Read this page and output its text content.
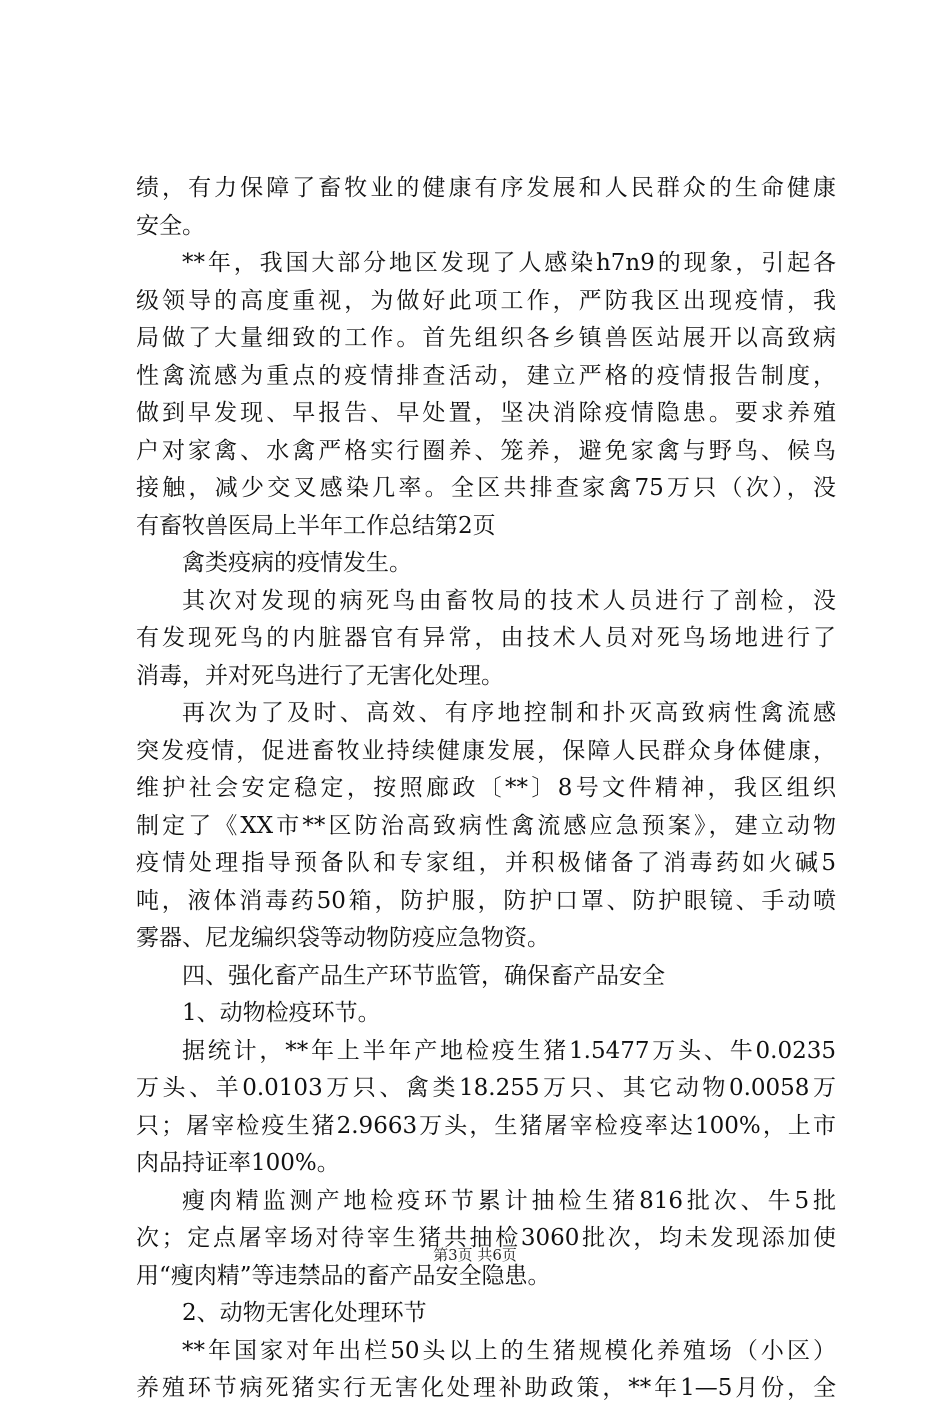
绩，有力保障了畜牧业的健康有序发展和人民群众的生命健康
安全。
**年，我国大部分地区发现了人感染h7n9的现象，引起各
级领导的高度重视，为做好此项工作，严防我区出现疫情，我
局做了大量细致的工作。首先组织各乡镇兽医站展开以高致病
性禽流感为重点的疫情排查活动，建立严格的疫情报告制度，
做到早发现、早报告、早处置，坚决消除疫情隐患。要求养殖
户对家禽、水禽严格实行圈养、笼养，避免家禽与野鸟、候鸟
接触，减少交叉感染几率。全区共排查家禽75万只（次），没
有畜牧兽医局上半年工作总结第2页
禽类疫病的疫情发生。
其次对发现的病死鸟由畜牧局的技术人员进行了剖检，没
有发现死鸟的内脏器官有异常，由技术人员对死鸟场地进行了
消毒，并对死鸟进行了无害化处理。
再次为了及时、高效、有序地控制和扑灭高致病性禽流感
突发疫情，促进畜牧业持续健康发展，保障人民群众身体健康，
维护社会安定稳定，按照廊政〔**〕8号文件精神，我区组织
制定了《XX市**区防治高致病性禽流感应急预案》，建立动物
疫情处理指导预备队和专家组，并积极储备了消毒药如火碱5
吨，液体消毒药50箱，防护服，防护口罩、防护眼镜、手动喷
雾器、尼龙编织袋等动物防疫应急物资。
四、强化畜产品生产环节监管，确保畜产品安全
1、动物检疫环节。
据统计，**年上半年产地检疫生猪1.5477万头、牛0.0235
万头、羊0.0103万只、禽类18.255万只、其它动物0.0058万
只；屠宰检疫生猪2.9663万头，生猪屠宰检疫率达100%，上市
肉品持证率100%。
瘦肉精监测产地检疫环节累计抽检生猪816批次、牛5批
次；定点屠宰场对待宰生猪共抽检3060批次，均未发现添加使
用“瘦肉精”等违禁品的畜产品安全隐患。
2、动物无害化处理环节
**年国家对年出栏50头以上的生猪规模化养殖场（小区）
养殖环节病死猪实行无害化处理补助政策，**年1—5月份，全
第3页 共6页
